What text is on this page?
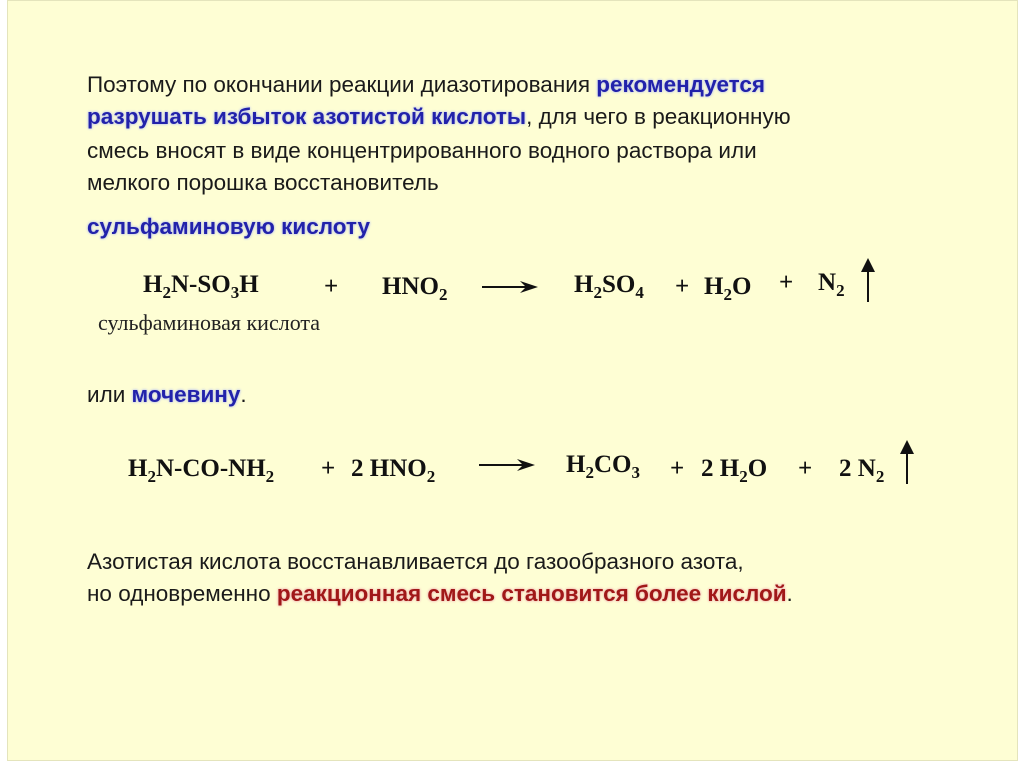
Поэтому по окончании реакции диазотирования рекомендуется

разрушать избыток азотистой кислоты, для чего в реакционную

смесь вносят в виде концентрированного водного раствора или

мелкого порошка восстановитель

сульфаминовую кислоту

$H_2N-SO_3H$	+ $HNO_2$	$H_2SO_4 + H_2O + N_2$
сульфаминовая кислота

или мочевину.

$H_2N-CO-NH_2 + 2$ $HNO_2$	$H_2CO_3 + 2$ $H_2O + 2$ $N_2$

Азотистая кислота восстанавливается до газообразного азота,

но одновременно реакционная смесь становится более кислой.
